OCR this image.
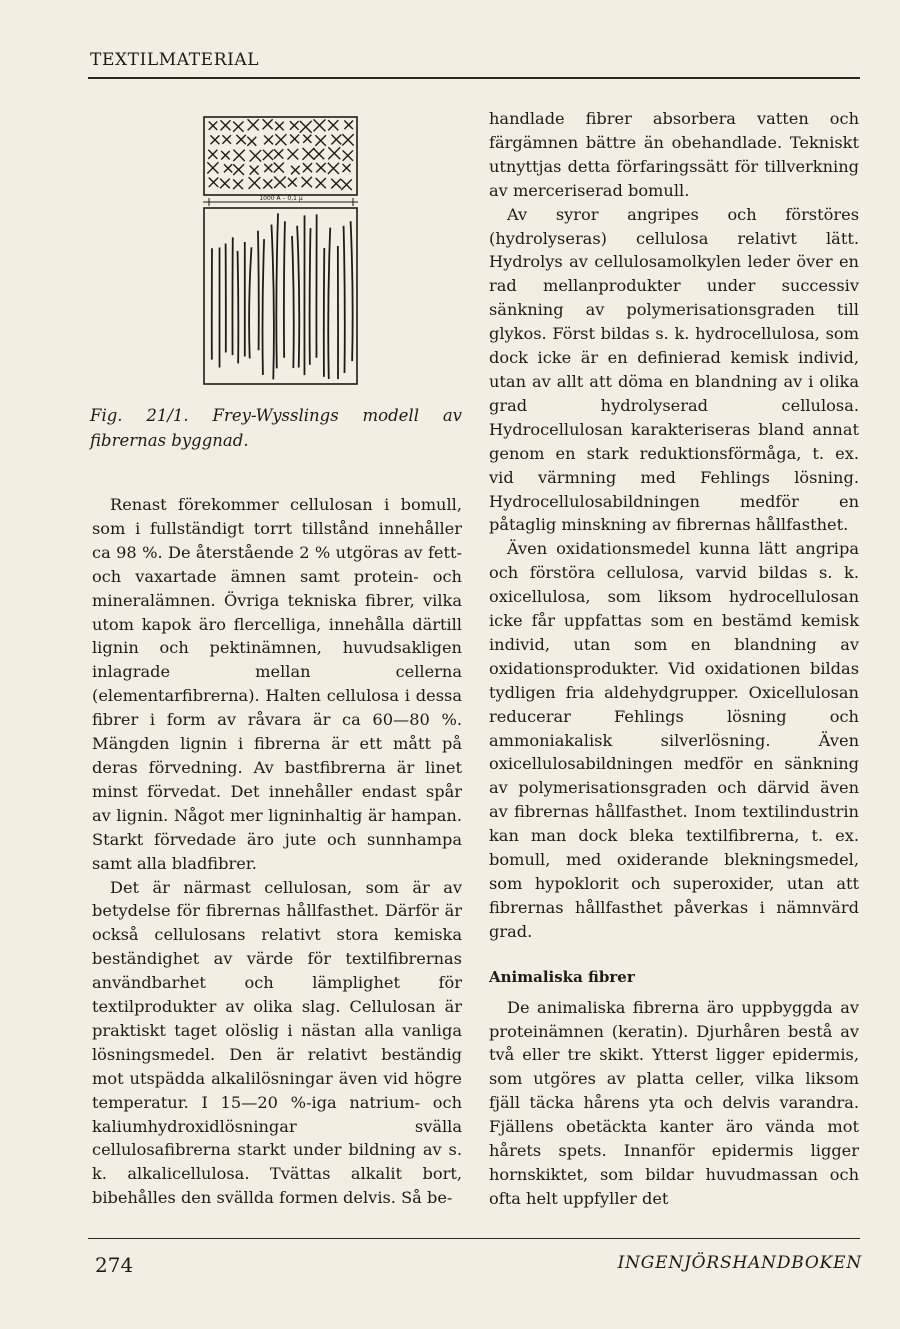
TEXTILMATERIAL
1000 Å – 0,1 µ
Fig. 21/1. Frey-Wysslings modell av fibrernas byggnad.

Renast förekommer cellulosan i bomull, som i fullständigt torrt tillstånd innehåller ca 98 %. De återstående 2 % utgöras av fett- och vaxartade ämnen samt protein- och mineralämnen. Övriga tekniska fibrer, vilka utom kapok äro flercelliga, innehålla därtill lignin och pektinämnen, huvudsakligen inlagrade mellan cellerna (elementarfibrerna). Halten cellulosa i dessa fibrer i form av råvara är ca 60—80 %. Mängden lignin i fibrerna är ett mått på deras förvedning. Av bastfibrerna är linet minst förvedat. Det innehåller endast spår av lignin. Något mer ligninhaltig är hampan. Starkt förvedade äro jute och sunnhampa samt alla bladfibrer.

Det är närmast cellulosan, som är av betydelse för fibrernas hållfasthet. Därför är också cellulosans relativt stora kemiska beständighet av värde för textilfibrernas användbarhet och lämplighet för textilprodukter av olika slag. Cellulosan är praktiskt taget olöslig i nästan alla vanliga lösningsmedel. Den är relativt beständig mot utspädda alkalilösningar även vid högre temperatur. I 15—20 %-iga natrium- och kaliumhydroxidlösningar svälla cellulosafibrerna starkt under bildning av s. k. alkalicellulosa. Tvättas alkalit bort, bibehålles den svällda formen delvis. Så be-

handlade fibrer absorbera vatten och färgämnen bättre än obehandlade. Tekniskt utnyttjas detta förfaringssätt för tillverkning av merceriserad bomull.

Av syror angripes och förstöres (hydrolyseras) cellulosa relativt lätt. Hydrolys av cellulosamolkylen leder över en rad mellanprodukter under successiv sänkning av polymerisationsgraden till glykos. Först bildas s. k. hydrocellulosa, som dock icke är en definierad kemisk individ, utan av allt att döma en blandning av i olika grad hydrolyserad cellulosa. Hydrocellulosan karakteriseras bland annat genom en stark reduktionsförmåga, t. ex. vid värmning med Fehlings lösning. Hydrocellulosabildningen medför en påtaglig minskning av fibrernas hållfasthet.

Även oxidationsmedel kunna lätt angripa och förstöra cellulosa, varvid bildas s. k. oxicellulosa, som liksom hydrocellulosan icke får uppfattas som en bestämd kemisk individ, utan som en blandning av oxidationsprodukter. Vid oxidationen bildas tydligen fria aldehydgrupper. Oxicellulosan reducerar Fehlings lösning och ammoniakalisk silverlösning. Även oxicellulosabildningen medför en sänkning av polymerisationsgraden och därvid även av fibrernas hållfasthet. Inom textilindustrin kan man dock bleka textilfibrerna, t. ex. bomull, med oxiderande blekningsmedel, som hypoklorit och superoxider, utan att fibrernas hållfasthet påverkas i nämnvärd grad.

Animaliska fibrer

De animaliska fibrerna äro uppbyggda av proteinämnen (keratin). Djurhåren bestå av två eller tre skikt. Ytterst ligger epidermis, som utgöres av platta celler, vilka liksom fjäll täcka hårens yta och delvis varandra. Fjällens obetäckta kanter äro vända mot hårets spets. Innanför epidermis ligger hornskiktet, som bildar huvudmassan och ofta helt uppfyller det

274	INGENJÖRSHANDBOKEN
